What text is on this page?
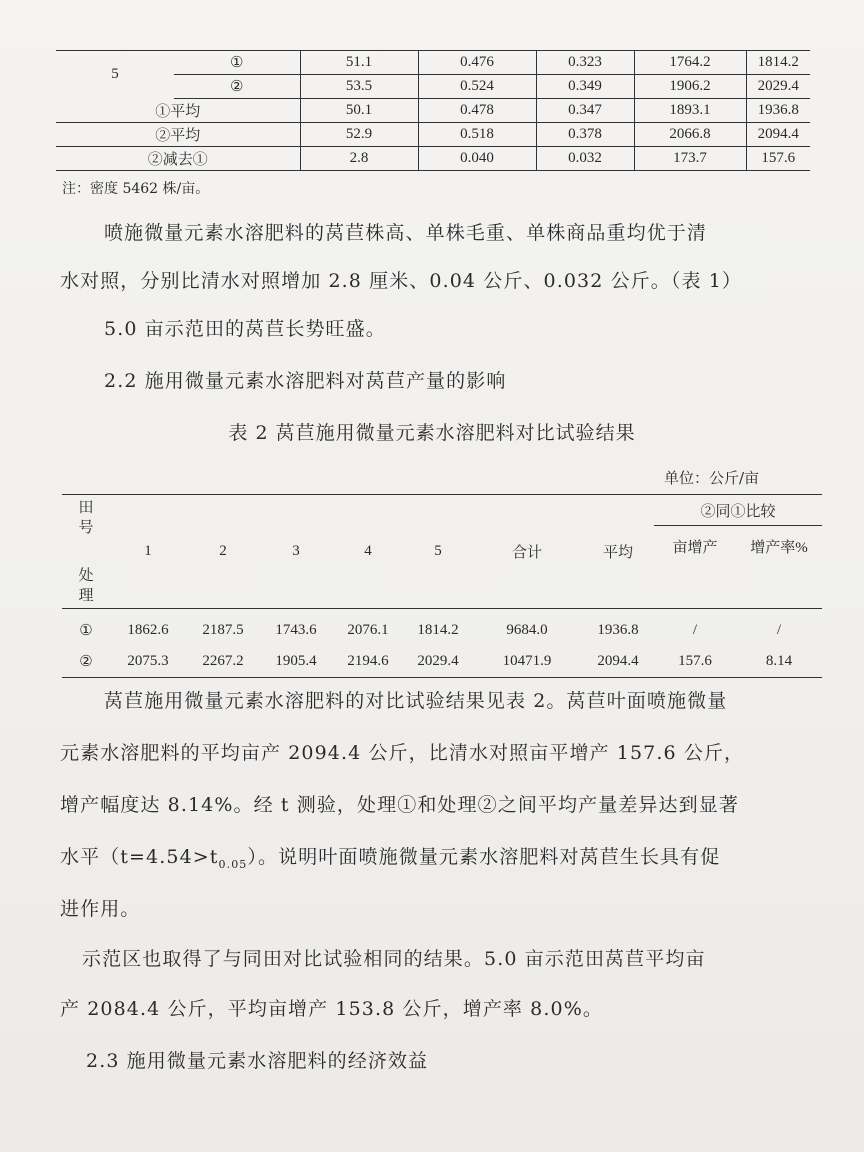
5	①	51.1	0.476	0.323	1764.2	1814.2
	②	53.5	0.524	0.349	1906.2	2029.4
①平均		50.1	0.478	0.347	1893.1	1936.8
②平均		52.9	0.518	0.378	2066.8	2094.4
②减去①		2.8	0.040	0.032	173.7	157.6
注：密度 5462 株/亩。
喷施微量元素水溶肥料的莴苣株高、单株毛重、单株商品重均优于清
水对照，分别比清水对照增加 2.8 厘米、0.04 公斤、0.032 公斤。（表 1）
5.0 亩示范田的莴苣长势旺盛。
2.2 施用微量元素水溶肥料对莴苣产量的影响
表 2 莴苣施用微量元素水溶肥料对比试验结果
单位：公斤/亩
田
号
处
理	1	2	3	4	5	合计	平均	②同①比较	
								亩增产	增产率%
①	1862.6	2187.5	1743.6	2076.1	1814.2	9684.0	1936.8	/	/
②	2075.3	2267.2	1905.4	2194.6	2029.4	10471.9	2094.4	157.6	8.14
莴苣施用微量元素水溶肥料的对比试验结果见表 2。莴苣叶面喷施微量
元素水溶肥料的平均亩产 2094.4 公斤，比清水对照亩平增产 157.6 公斤，
增产幅度达 8.14%。经 t 测验，处理①和处理②之间平均产量差异达到显著
水平$(t=4.54>t_{0.05})$。说明叶面喷施微量元素水溶肥料对莴苣生长具有促
进作用。
示范区也取得了与同田对比试验相同的结果。5.0 亩示范田莴苣平均亩
产 2084.4 公斤，平均亩增产 153.8 公斤，增产率 8.0%。
2.3 施用微量元素水溶肥料的经济效益
